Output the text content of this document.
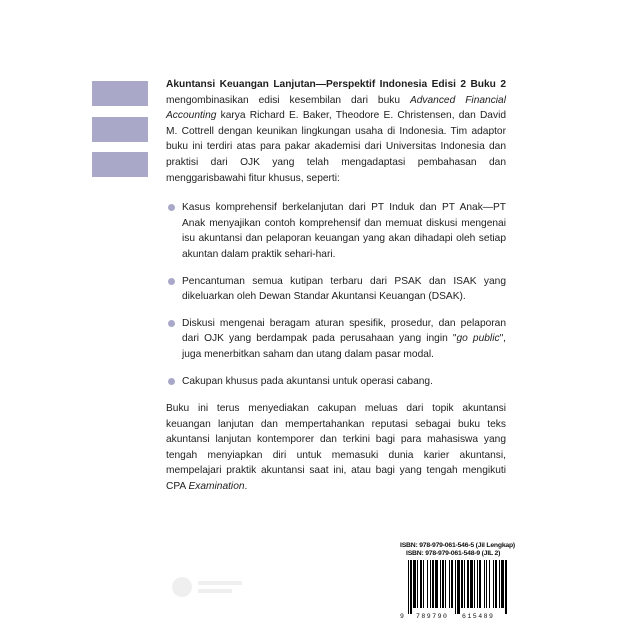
Akuntansi Keuangan Lanjutan—Perspektif Indonesia Edisi 2 Buku 2 mengombinasikan edisi kesembilan dari buku Advanced Financial Accounting karya Richard E. Baker, Theodore E. Christensen, dan David M. Cottrell dengan keunikan lingkungan usaha di Indonesia. Tim adaptor buku ini terdiri atas para pakar akademisi dari Universitas Indonesia dan praktisi dari OJK yang telah mengadaptasi pembahasan dan menggarisbawahi fitur khusus, seperti:
Kasus komprehensif berkelanjutan dari PT Induk dan PT Anak—PT Anak menyajikan contoh komprehensif dan memuat diskusi mengenai isu akuntansi dan pelaporan keuangan yang akan dihadapi oleh setiap akuntan dalam praktik sehari-hari.
Pencantuman semua kutipan terbaru dari PSAK dan ISAK yang dikeluarkan oleh Dewan Standar Akuntansi Keuangan (DSAK).
Diskusi mengenai beragam aturan spesifik, prosedur, dan pelaporan dari OJK yang berdampak pada perusahaan yang ingin "go public", juga menerbitkan saham dan utang dalam pasar modal.
Cakupan khusus pada akuntansi untuk operasi cabang.
Buku ini terus menyediakan cakupan meluas dari topik akuntansi keuangan lanjutan dan mempertahankan reputasi sebagai buku teks akuntansi lanjutan kontemporer dan terkini bagi para mahasiswa yang tengah menyiapkan diri untuk memasuki dunia karier akuntansi, mempelajari praktik akuntansi saat ini, atau bagi yang tengah mengikuti CPA Examination.
ISBN: 978-979-061-546-5 (Jil Lengkap)
ISBN: 978-979-061-548-9 (JIL 2)
9 789790 615489
